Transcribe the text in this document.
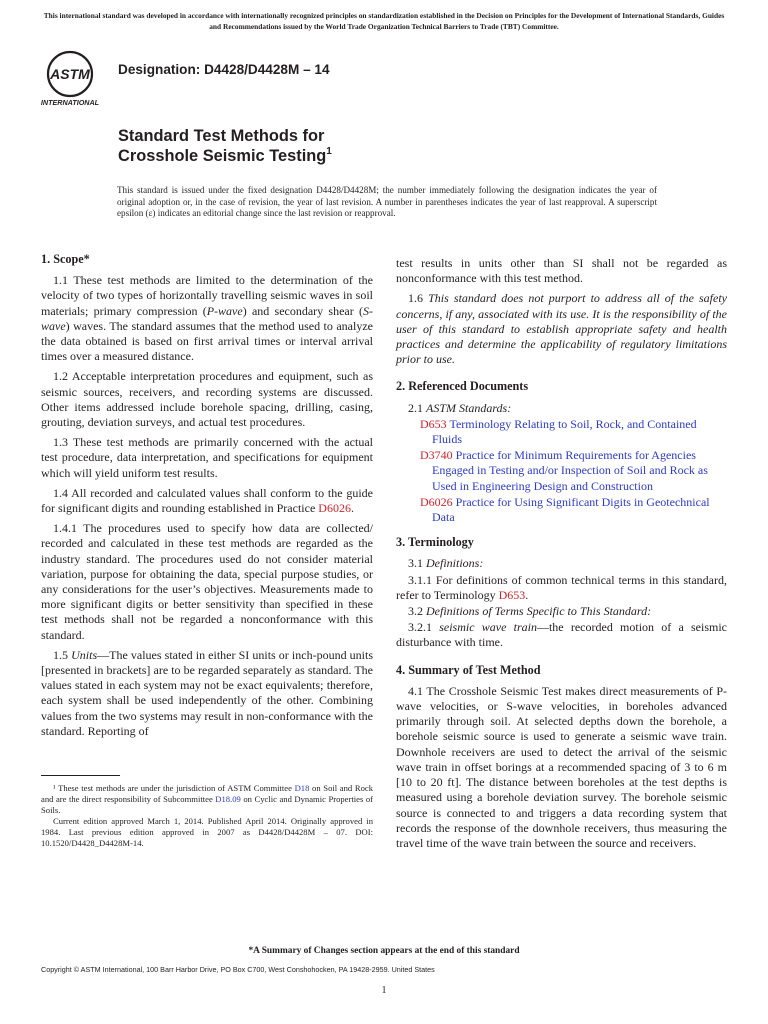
This international standard was developed in accordance with internationally recognized principles on standardization established in the Decision on Principles for the Development of International Standards, Guides and Recommendations issued by the World Trade Organization Technical Barriers to Trade (TBT) Committee.
ASTM
INTERNATIONAL
Designation: D4428/D4428M – 14
Standard Test Methods for
Crosshole Seismic Testing$^1$
This standard is issued under the fixed designation D4428/D4428M; the number immediately following the designation indicates the year of original adoption or, in the case of revision, the year of last revision. A number in parentheses indicates the year of last reapproval. A superscript epsilon (ε) indicates an editorial change since the last revision or reapproval.
1. Scope*

1.1 These test methods are limited to the determination of the velocity of two types of horizontally travelling seismic waves in soil materials; primary compression (P-wave) and secondary shear (S-wave) waves. The standard assumes that the method used to analyze the data obtained is based on first arrival times or interval arrival times over a measured distance.

1.2 Acceptable interpretation procedures and equipment, such as seismic sources, receivers, and recording systems are discussed. Other items addressed include borehole spacing, drilling, casing, grouting, deviation surveys, and actual test procedures.

1.3 These test methods are primarily concerned with the actual test procedure, data interpretation, and specifications for equipment which will yield uniform test results.

1.4 All recorded and calculated values shall conform to the guide for significant digits and rounding established in Practice D6026.

1.4.1 The procedures used to specify how data are collected/ recorded and calculated in these test methods are regarded as the industry standard. The procedures used do not consider material variation, purpose for obtaining the data, special purpose studies, or any considerations for the user’s objectives. Measurements made to more significant digits or better sensitivity than specified in these test methods shall not be regarded a nonconformance with this standard.

1.5 Units—The values stated in either SI units or inch-pound units [presented in brackets] are to be regarded separately as standard. The values stated in each system may not be exact equivalents; therefore, each system shall be used independently of the other. Combining values from the two systems may result in non-conformance with the standard. Reporting of

test results in units other than SI shall not be regarded as nonconformance with this test method.

1.6 This standard does not purport to address all of the safety concerns, if any, associated with its use. It is the responsibility of the user of this standard to establish appropriate safety and health practices and determine the applicability of regulatory limitations prior to use.

2. Referenced Documents

2.1 ASTM Standards:

D653 Terminology Relating to Soil, Rock, and Contained Fluids
D3740 Practice for Minimum Requirements for Agencies Engaged in Testing and/or Inspection of Soil and Rock as Used in Engineering Design and Construction
D6026 Practice for Using Significant Digits in Geotechnical Data
3. Terminology

3.1 Definitions:

3.1.1 For definitions of common technical terms in this standard, refer to Terminology D653.

3.2 Definitions of Terms Specific to This Standard:

3.2.1 seismic wave train—the recorded motion of a seismic disturbance with time.

4. Summary of Test Method

4.1 The Crosshole Seismic Test makes direct measurements of P-wave velocities, or S-wave velocities, in boreholes advanced primarily through soil. At selected depths down the borehole, a borehole seismic source is used to generate a seismic wave train. Downhole receivers are used to detect the arrival of the seismic wave train in offset borings at a recommended spacing of 3 to 6 m [10 to 20 ft]. The distance between boreholes at the test depths is measured using a borehole deviation survey. The borehole seismic source is connected to and triggers a data recording system that records the response of the downhole receivers, thus measuring the travel time of the wave train between the source and receivers.

¹ These test methods are under the jurisdiction of ASTM Committee D18 on Soil and Rock and are the direct responsibility of Subcommittee D18.09 on Cyclic and Dynamic Properties of Soils.

Current edition approved March 1, 2014. Published April 2014. Originally approved in 1984. Last previous edition approved in 2007 as D4428/D4428M – 07. DOI: 10.1520/D4428_D4428M-14.

*A Summary of Changes section appears at the end of this standard
Copyright © ASTM International, 100 Barr Harbor Drive, PO Box C700, West Conshohocken, PA 19428-2959. United States
1
